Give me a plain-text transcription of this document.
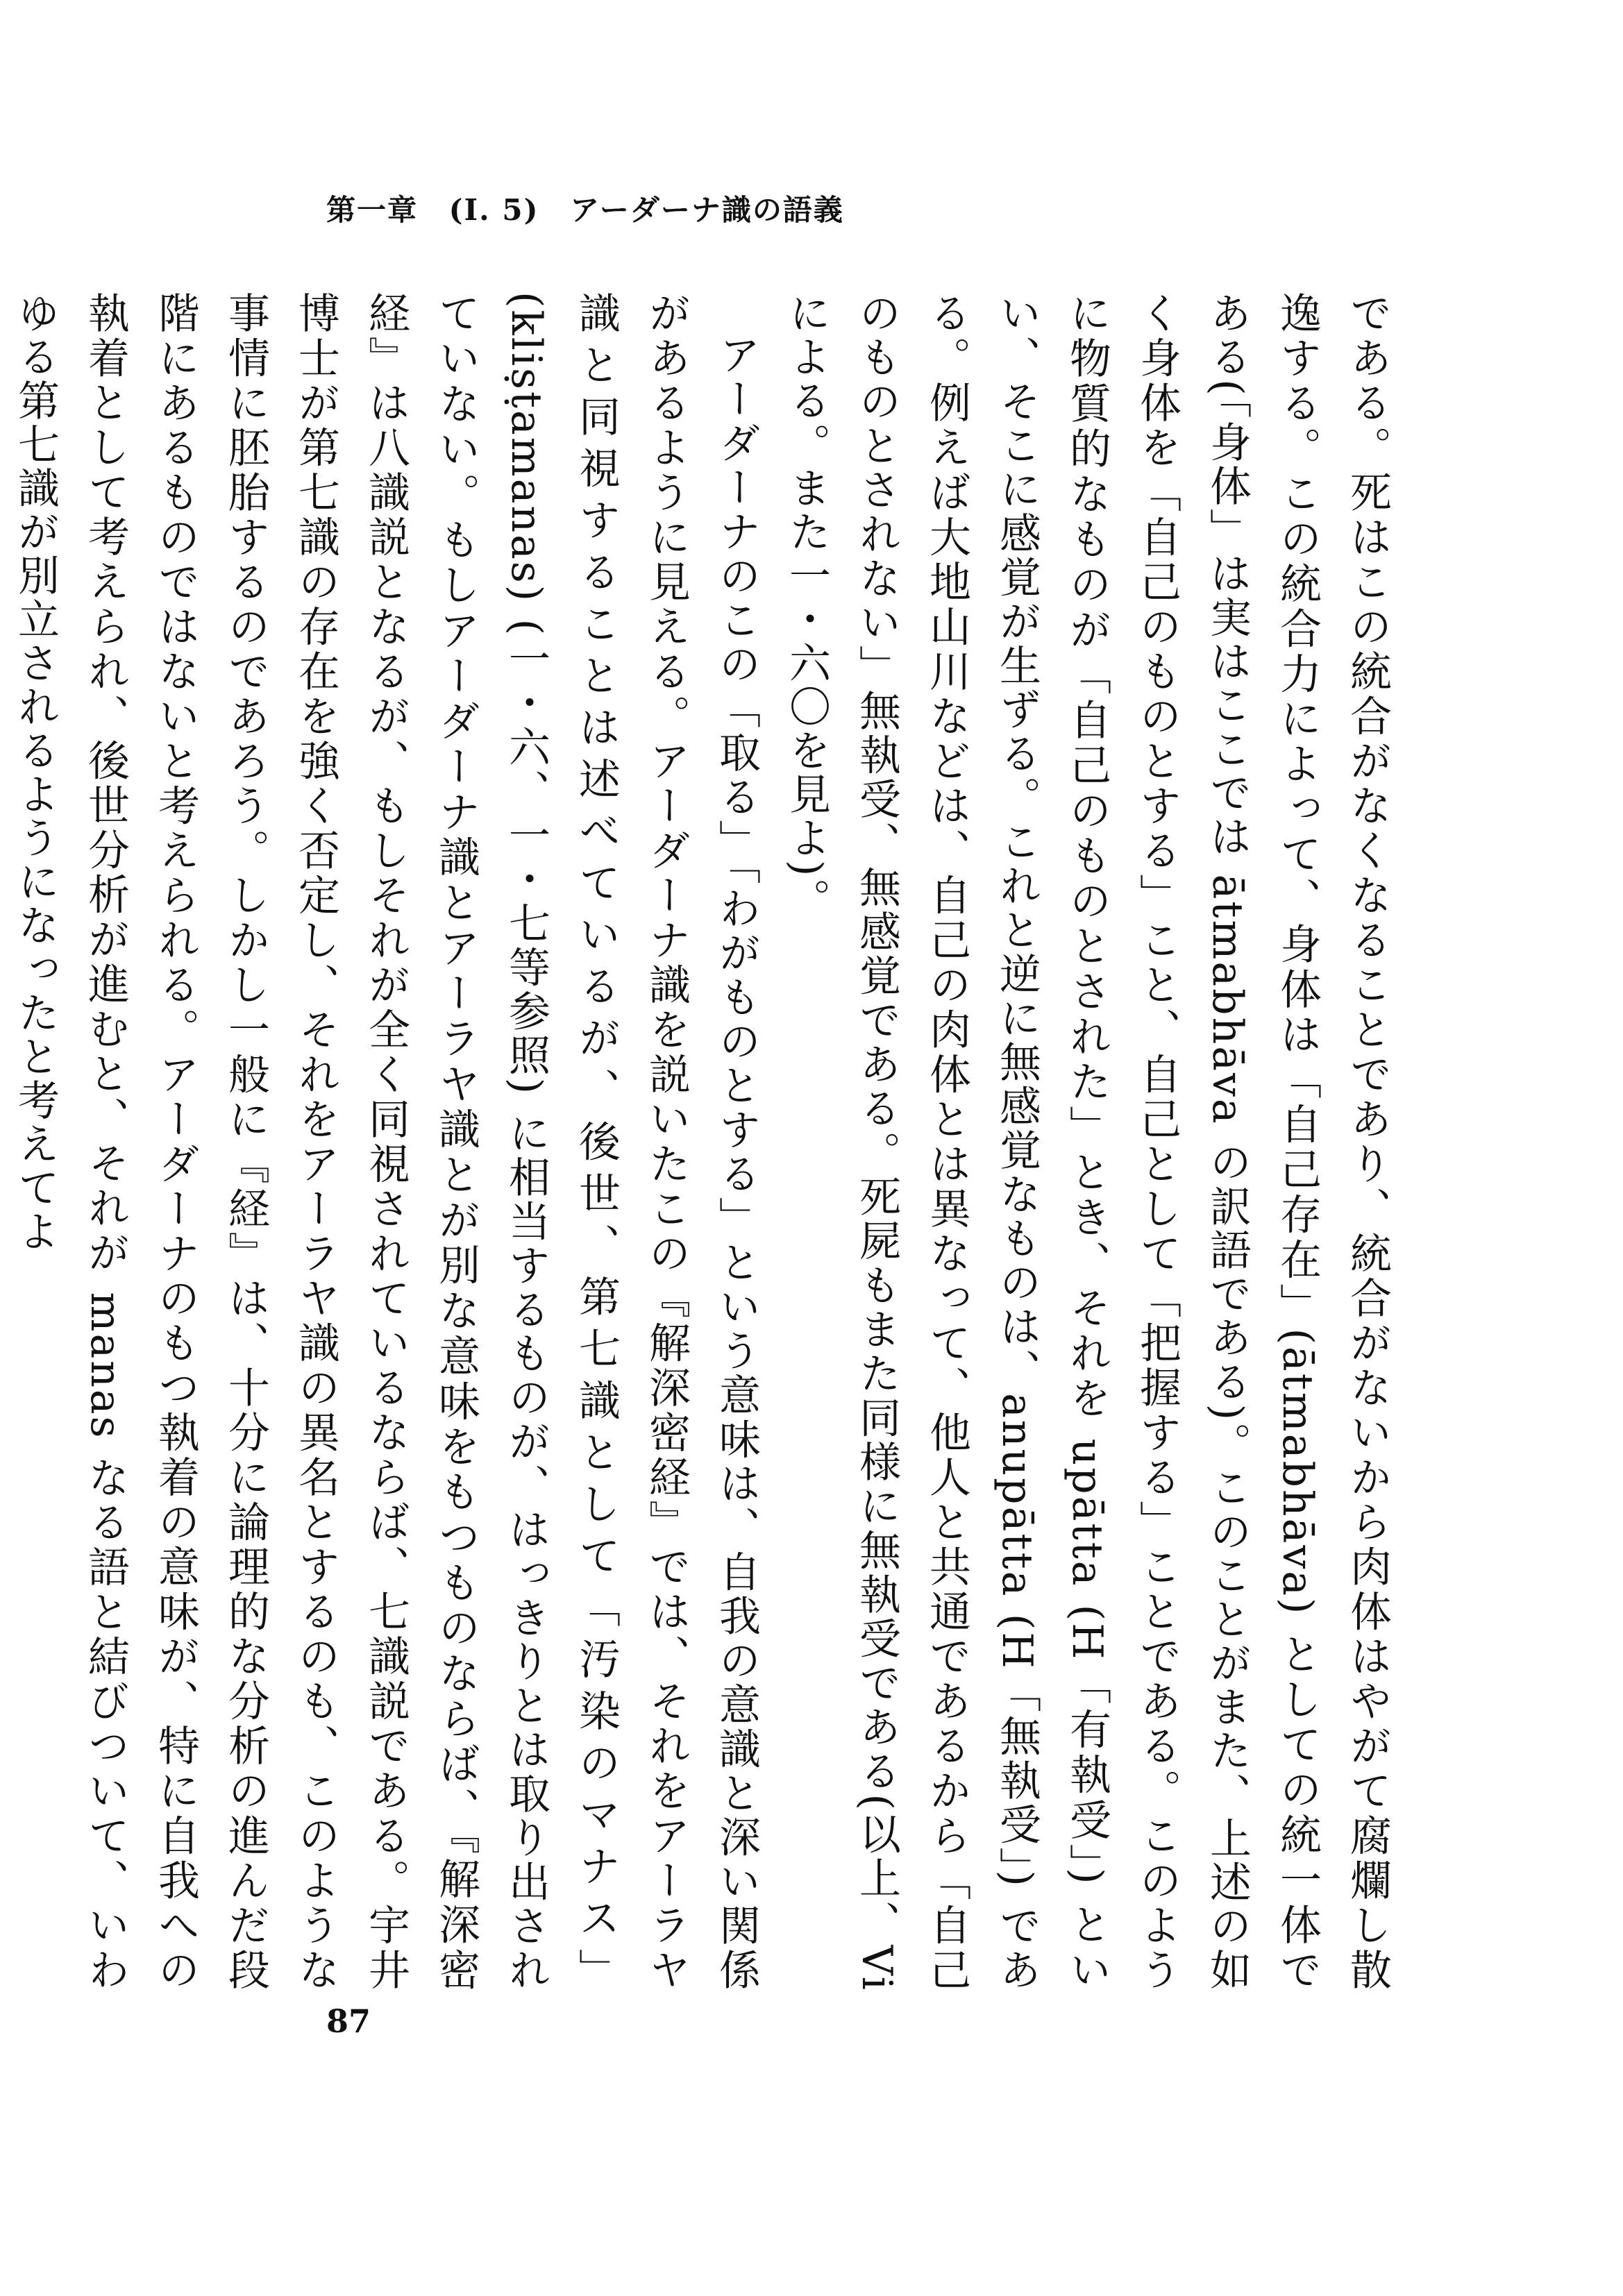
第一章 (I. 5) アーダーナ識の語義

である。死はこの統合がなくなることであり、統合がないから肉体はやがて腐爛し散逸する。この統合力によって、身体は「自己存在」(ātmabhāva) としての統一体である(「身体」は実はここでは ātmabhāva の訳語である)。このことがまた、上述の如く身体を「自己のものとする」こと、自己として「把握する」ことである。このように物質的なものが「自己のものとされた」とき、それを upātta (H「有執受」) といい、そこに感覚が生ずる。これと逆に無感覚なものは、anupātta (H「無執受」) である。例えば大地山川などは、自己の肉体とは異なって、他人と共通であるから「自己のものとされない」無執受、無感覚である。死屍もまた同様に無執受である(以上、Vi による。また一・六〇を見よ)。

アーダーナのこの「取る」「わがものとする」という意味は、自我の意識と深い関係があるように見える。アーダーナ識を説いたこの『解深密経』では、それをアーラヤ識と同視することは述べているが、後世、第七識として「汚染のマナス」(kliṣṭamanas) (一・六、一・七等参照) に相当するものが、はっきりとは取り出されていない。もしアーダーナ識とアーラヤ識とが別な意味をもつものならば、『解深密経』は八識説となるが、もしそれが全く同視されているならば、七識説である。宇井博士が第七識の存在を強く否定し、それをアーラヤ識の異名とするのも、このような事情に胚胎するのであろう。しかし一般に『経』は、十分に論理的な分析の進んだ段階にあるものではないと考えられる。アーダーナのもつ執着の意味が、特に自我への執着として考えられ、後世分析が進むと、それが manas なる語と結びついて、いわゆる第七識が別立されるようになったと考えてよ

87
